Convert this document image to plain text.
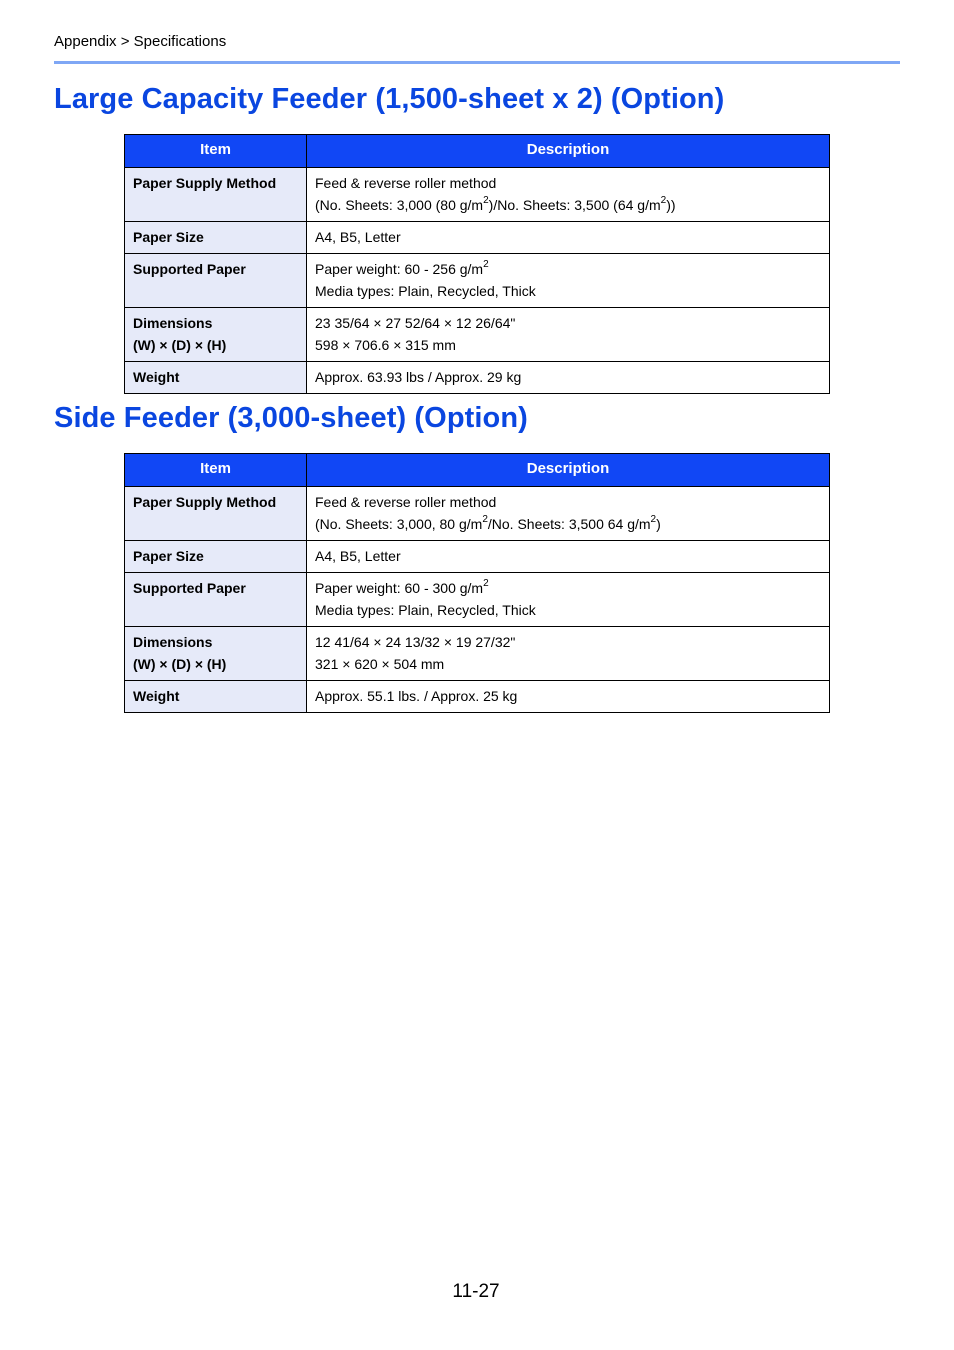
Appendix > Specifications
Large Capacity Feeder (1,500-sheet x 2) (Option)
Item	Description

Paper Supply Method	Feed & reverse roller method
(No. Sheets: 3,000 (80 $g/m^2)/No$. Sheets: 3,500 (64 $g/m^2$))

Paper Size	A4, B5, Letter

Supported Paper	Paper weight: 60 - 256 $g/m^2$
Media types: Plain, Recycled, Thick

Dimensions
(W) × (D) × (H)	23 35/64 × 27 52/64 × 12 26/64"
598 × 706.6 × 315 mm

Weight	Approx. 63.93 lbs / Approx. 29 kg
Side Feeder (3,000-sheet) (Option)
Item	Description

Paper Supply Method	Feed & reverse roller method
(No. Sheets: 3,000, 80 $g/m^2/No$. Sheets: 3,500 64 $g/m^2$)

Paper Size	A4, B5, Letter

Supported Paper	Paper weight: 60 - 300 $g/m^2$
Media types: Plain, Recycled, Thick

Dimensions
(W) × (D) × (H)	12 41/64 × 24 13/32 × 19 27/32"
321 × 620 × 504 mm

Weight	Approx. 55.1 lbs. / Approx. 25 kg
11-27
